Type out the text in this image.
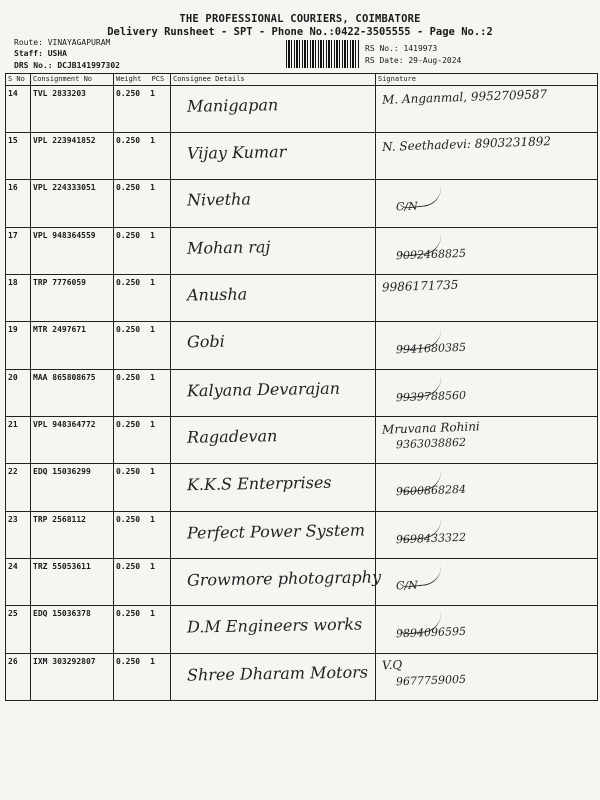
THE PROFESSIONAL COURIERS, COIMBATORE
Delivery Runsheet - SPT - Phone No.:0422-3505555 - Page No.:2
Route: VINAYAGAPURAM
Staff: USHA
DRS No.: DCJB141997302
RS No.: 1419973
RS Date: 29-Aug-2024
S No	Consignment No	Weight PCS	Consignee Details	Signature
14	TVL 2833203	0.250 1	Manigapan	M. Anganmal, 9952709587

15	VPL 223941852	0.250 1	Vijay Kumar	N. Seethadevi: 8903231892

16	VPL 224333051	0.250 1	Nivetha	C/N

17	VPL 948364559	0.250 1	Mohan raj	9092468825

18	TRP 7776059	0.250 1	Anusha	9986171735

19	MTR 2497671	0.250 1	Gobi	9941680385

20	MAA 865808675	0.250 1	Kalyana Devarajan	9939788560

21	VPL 948364772	0.250 1	Ragadevan	Mruvana Rohini
9363038862

22	EDQ 15036299	0.250 1	K.K.S Enterprises	9600868284

23	TRP 2568112	0.250 1	Perfect Power System	9698433322

24	TRZ 55053611	0.250 1	Growmore photography	C/N

25	EDQ 15036378	0.250 1	D.M Engineers works	9894096595

26	IXM 303292807	0.250 1	Shree Dharam Motors	V.Q
9677759005
